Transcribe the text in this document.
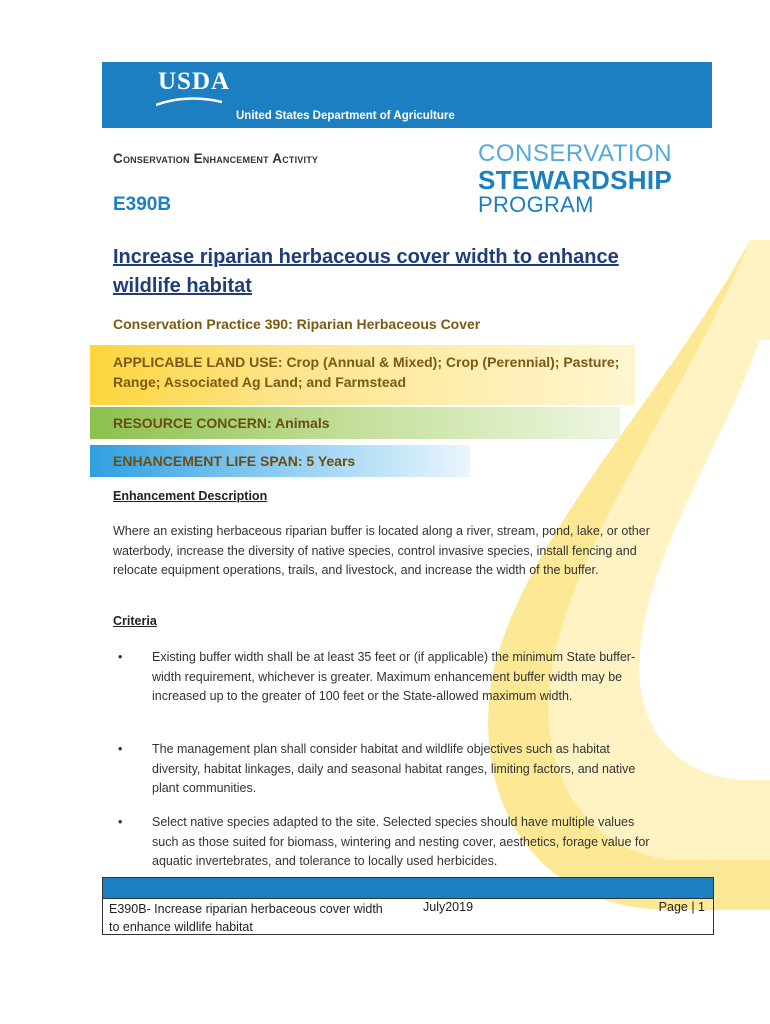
USDA
United States Department of Agriculture
Conservation Enhancement Activity
E390B
CONSERVATION
STEWARDSHIP
PROGRAM
Increase riparian herbaceous cover width to enhance wildlife habitat
Conservation Practice 390: Riparian Herbaceous Cover
APPLICABLE LAND USE: Crop (Annual & Mixed); Crop (Perennial); Pasture; Range; Associated Ag Land; and Farmstead
RESOURCE CONCERN: Animals
ENHANCEMENT LIFE SPAN: 5 Years
Enhancement Description
Where an existing herbaceous riparian buffer is located along a river, stream, pond, lake, or other waterbody, increase the diversity of native species, control invasive species, install fencing and relocate equipment operations, trails, and livestock, and increase the width of the buffer.
Criteria
• Existing buffer width shall be at least 35 feet or (if applicable) the minimum State buffer-width requirement, whichever is greater. Maximum enhancement buffer width may be increased up to the greater of 100 feet or the State-allowed maximum width.
• The management plan shall consider habitat and wildlife objectives such as habitat diversity, habitat linkages, daily and seasonal habitat ranges, limiting factors, and native plant communities.
• Select native species adapted to the site. Selected species should have multiple values such as those suited for biomass, wintering and nesting cover, aesthetics, forage value for aquatic invertebrates, and tolerance to locally used herbicides.
E390B- Increase riparian herbaceous cover width to enhance wildlife habitat
July2019	Page | 1
